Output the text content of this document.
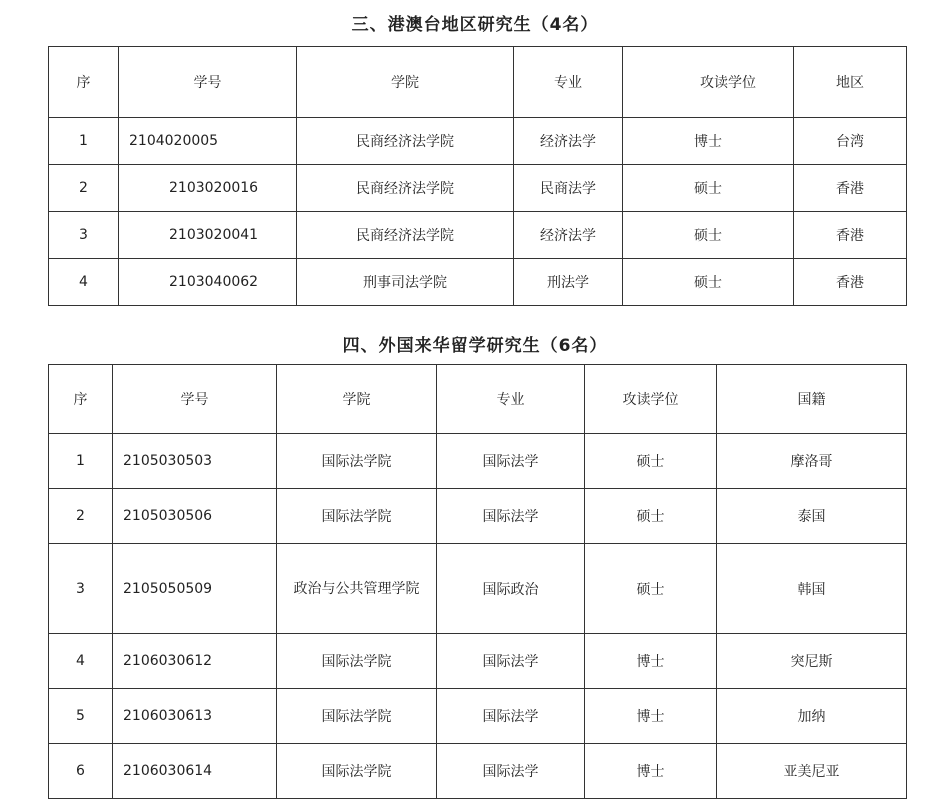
三、港澳台地区研究生（4名）
序	学号	学院	专业	攻读学位	地区
1	2104020005	民商经济法学院	经济法学	博士	台湾
2	2103020016	民商经济法学院	民商法学	硕士	香港
3	2103020041	民商经济法学院	经济法学	硕士	香港
4	2103040062	刑事司法学院	刑法学	硕士	香港
四、外国来华留学研究生（6名）
序	学号	学院	专业	攻读学位	国籍
1	2105030503	国际法学院	国际法学	硕士	摩洛哥
2	2105030506	国际法学院	国际法学	硕士	泰国
3	2105050509	政治与公共管理学院	国际政治	硕士	韩国
4	2106030612	国际法学院	国际法学	博士	突尼斯
5	2106030613	国际法学院	国际法学	博士	加纳
6	2106030614	国际法学院	国际法学	博士	亚美尼亚
